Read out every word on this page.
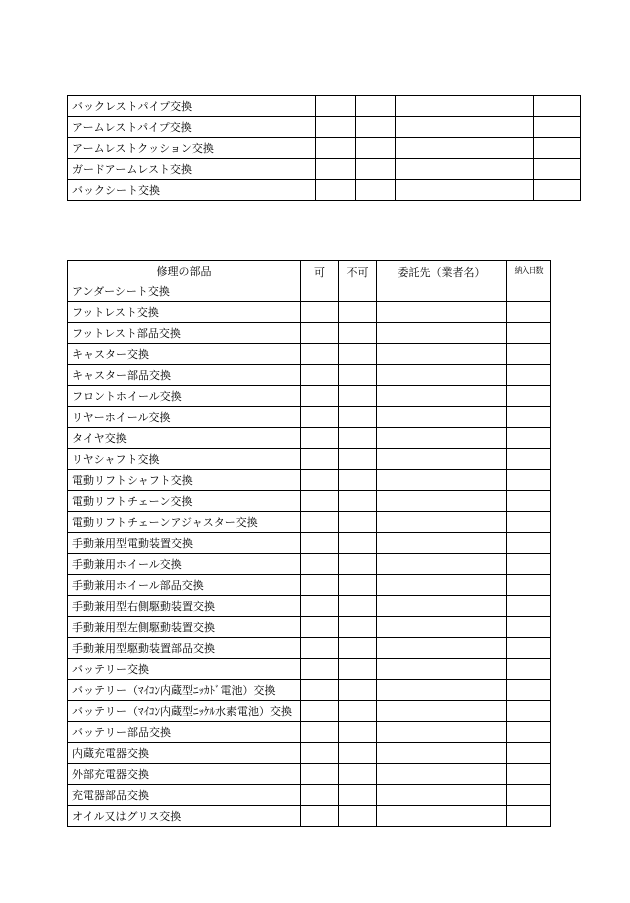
バックレストパイプ交換				
アームレストパイプ交換				
アームレストクッション交換				
ガードアームレスト交換				
バックシート交換				
修理の部品	可	不可	委託先（業者名）	納入日数
アンダーシート交換				
フットレスト交換				
フットレスト部品交換				
キャスター交換				
キャスター部品交換				
フロントホイール交換				
リヤーホイール交換				
タイヤ交換				
リヤシャフト交換				
電動リフトシャフト交換				
電動リフトチェーン交換				
電動リフトチェーンアジャスター交換				
手動兼用型電動装置交換				
手動兼用ホイール交換				
手動兼用ホイール部品交換				
手動兼用型右側駆動装置交換				
手動兼用型左側駆動装置交換				
手動兼用型駆動装置部品交換				
バッテリー交換				
バッテリー（ﾏｲｺﾝ内蔵型ﾆｯｶﾄﾞ電池）交換				
バッテリー（ﾏｲｺﾝ内蔵型ﾆｯｹﾙ水素電池）交換				
バッテリー部品交換				
内蔵充電器交換				
外部充電器交換				
充電器部品交換				
オイル又はグリス交換				
